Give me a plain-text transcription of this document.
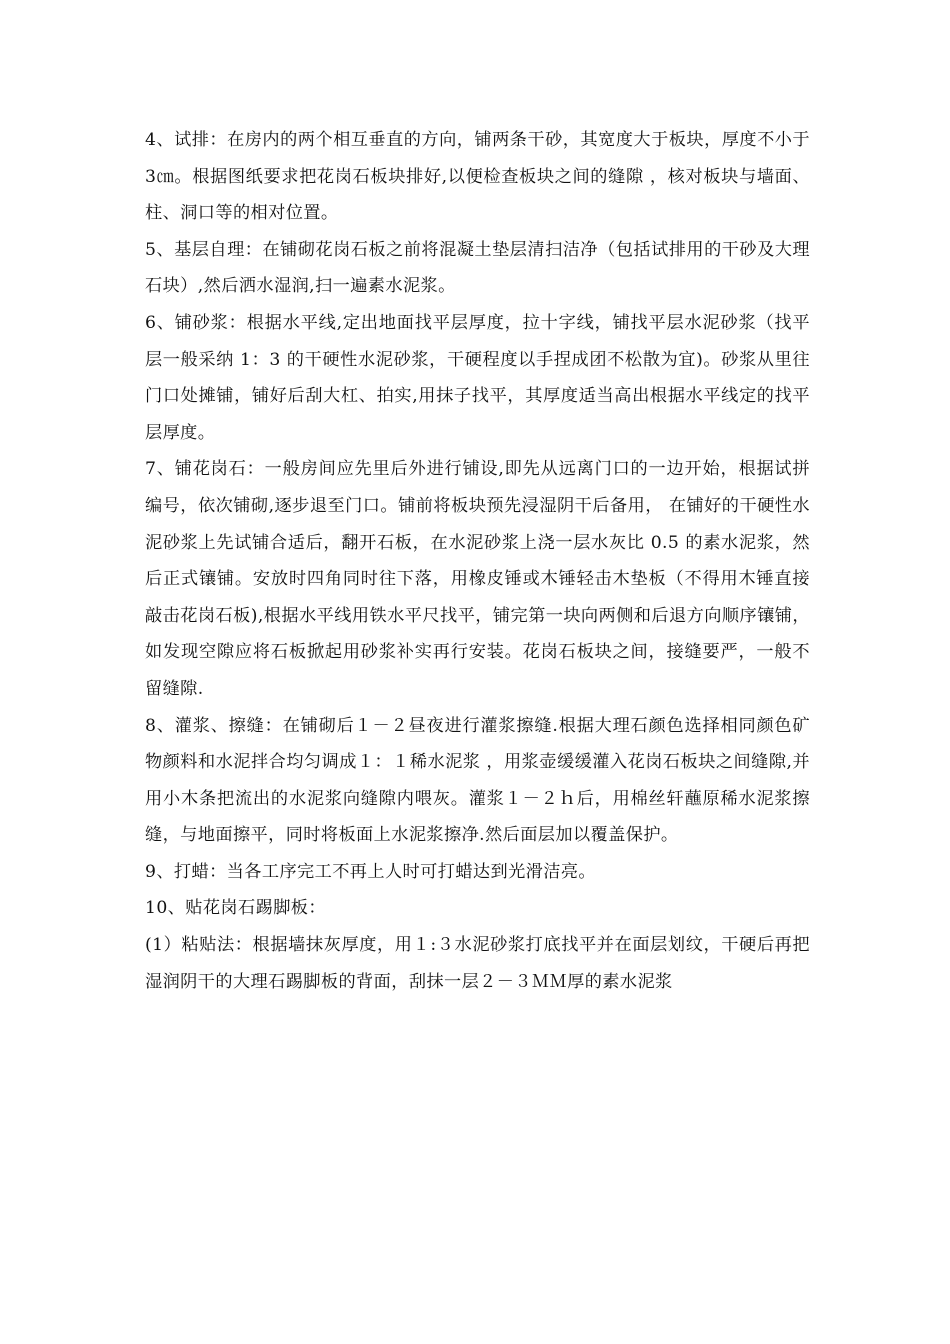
4、试排：在房内的两个相互垂直的方向，铺两条干砂，其宽度大于板块，厚度不小于 3㎝。根据图纸要求把花岗石板块排好,以便检查板块之间的缝隙 ，核对板块与墙面、柱、洞口等的相对位置。

5、基层自理：在铺砌花岗石板之前将混凝土垫层清扫洁净（包括试排用的干砂及大理石块）,然后洒水湿润,扫一遍素水泥浆。

6、铺砂浆：根据水平线,定出地面找平层厚度，拉十字线，铺找平层水泥砂浆（找平层一般采纳 1：3 的干硬性水泥砂浆，干硬程度以手捏成团不松散为宜)。砂浆从里往门口处摊铺，铺好后刮大杠、拍实,用抹子找平，其厚度适当高出根据水平线定的找平层厚度。

7、铺花岗石：一般房间应先里后外进行铺设,即先从远离门口的一边开始，根据试拼编号，依次铺砌,逐步退至门口。铺前将板块预先浸湿阴干后备用， 在铺好的干硬性水泥砂浆上先试铺合适后，翻开石板，在水泥砂浆上浇一层水灰比 0.5 的素水泥浆，然后正式镶铺。安放时四角同时往下落，用橡皮锤或木锤轻击木垫板（不得用木锤直接敲击花岗石板),根据水平线用铁水平尺找平，铺完第一块向两侧和后退方向顺序镶铺，如发现空隙应将石板掀起用砂浆补实再行安装。花岗石板块之间，接缝要严，一般不留缝隙.

8、灌浆、擦缝：在铺砌后１－２昼夜进行灌浆擦缝.根据大理石颜色选择相同颜色矿物颜料和水泥拌合均匀调成１：１稀水泥浆 ，用浆壶缓缓灌入花岗石板块之间缝隙,并用小木条把流出的水泥浆向缝隙内喂灰。灌浆１－２ｈ后，用棉丝轩蘸原稀水泥浆擦缝，与地面擦平，同时将板面上水泥浆擦净.然后面层加以覆盖保护。

9、打蜡：当各工序完工不再上人时可打蜡达到光滑洁亮。

10、贴花岗石踢脚板：

(1）粘贴法：根据墙抹灰厚度，用１:３水泥砂浆打底找平并在面层划纹，干硬后再把湿润阴干的大理石踢脚板的背面，刮抹一层２－３ＭＭ厚的素水泥浆
